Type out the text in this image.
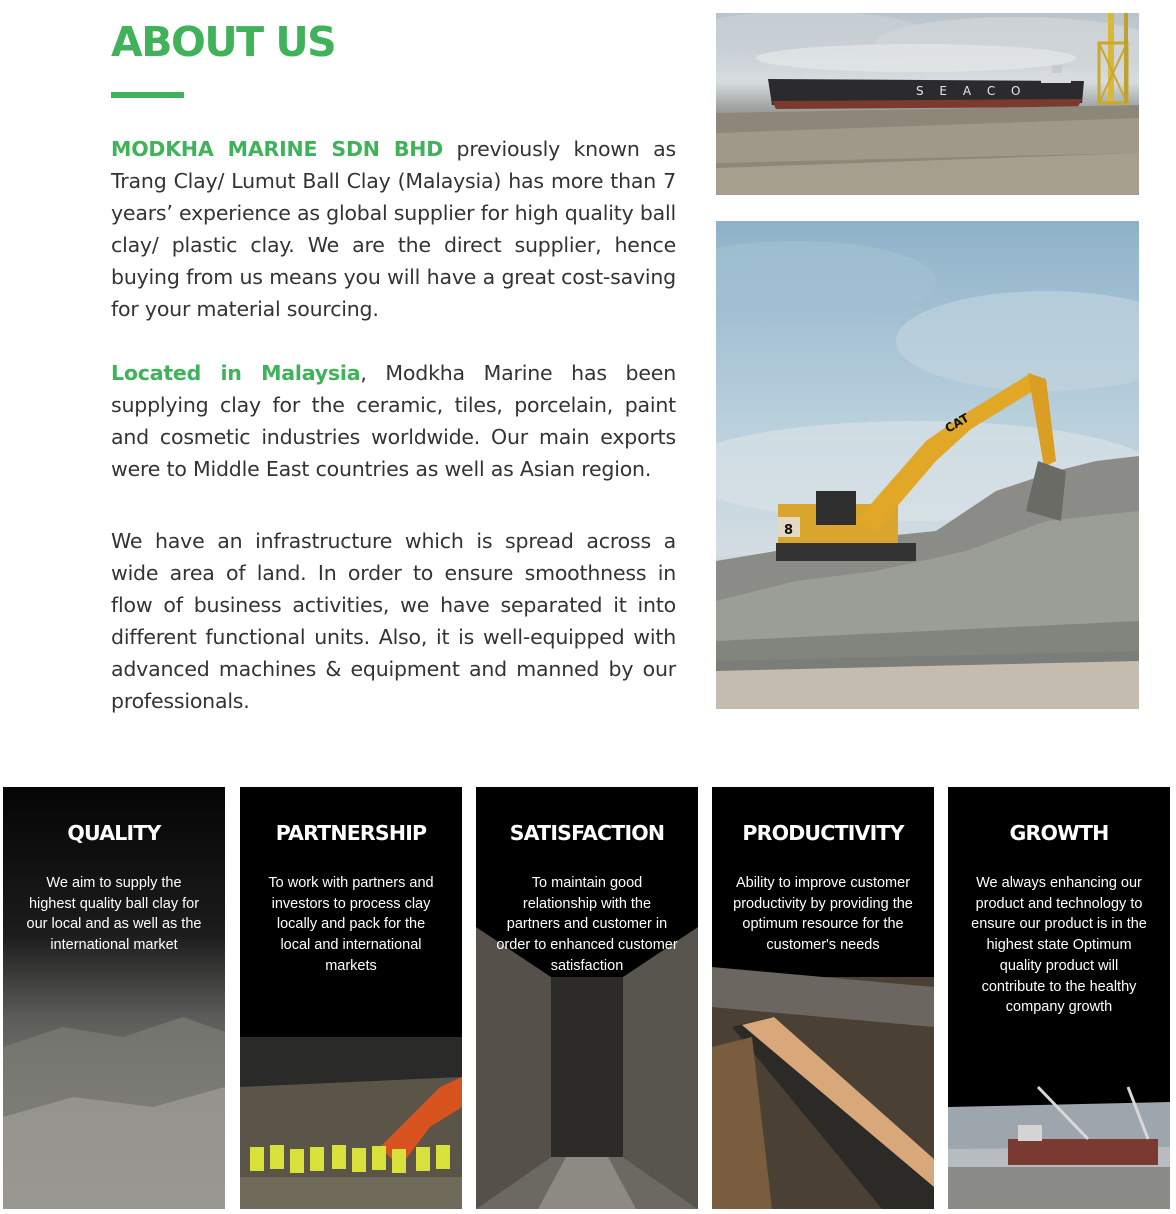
ABOUT US

MODKHA MARINE SDN BHD previously known as Trang Clay/ Lumut Ball Clay (Malaysia) has more than 7 years’ experience as global supplier for high quality ball clay/ plastic clay. We are the direct supplier, hence buying from us means you will have a great cost-saving for your material sourcing.

Located in Malaysia, Modkha Marine has been supplying clay for the ceramic, tiles, porcelain, paint and cosmetic industries worldwide. Our main exports were to Middle East countries as well as Asian region.

We have an infrastructure which is spread across a wide area of land. In order to ensure smoothness in flow of business activities, we have separated it into different functional units. Also, it is well-equipped with advanced machines & equipment and manned by our professionals.

S E A C O
8
CAT
QUALITY

We aim to supply the highest quality ball clay for our local and as well as the international market

PARTNERSHIP

To work with partners and investors to process clay locally and pack for the local and international markets

SATISFACTION

To maintain good relationship with the partners and customer in order to enhanced customer satisfaction

PRODUCTIVITY

Ability to improve customer productivity by providing the optimum resource for the customer's needs

GROWTH

We always enhancing our product and technology to ensure our product is in the highest state Optimum quality product will contribute to the healthy company growth
